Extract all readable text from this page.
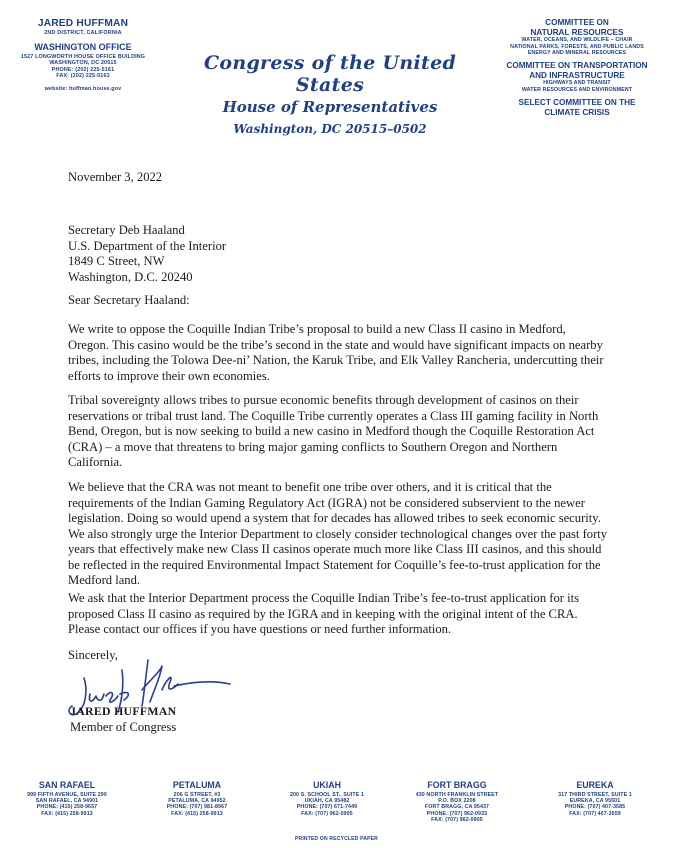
JARED HUFFMAN
2ND DISTRICT, CALIFORNIA
WASHINGTON OFFICE
1527 LONGWORTH HOUSE OFFICE BUILDING
WASHINGTON, DC 20515
PHONE: (202) 225-5161
FAX: (202) 225-5163
website: huffman.house.gov
Congress of the United States
House of Representatives
Washington, DC 20515–0502
COMMITTEE ON
NATURAL RESOURCES
WATER, OCEANS, AND WILDLIFE – CHAIR
NATIONAL PARKS, FORESTS, AND PUBLIC LANDS
ENERGY AND MINERAL RESOURCES
COMMITTEE ON TRANSPORTATION
AND INFRASTRUCTURE
HIGHWAYS AND TRANSIT
WATER RESOURCES AND ENVIRONMENT
SELECT COMMITTEE ON THE
CLIMATE CRISIS
November 3, 2022
Secretary Deb Haaland
U.S. Department of the Interior
1849 C Street, NW
Washington, D.C. 20240
Sear Secretary Haaland:
We write to oppose the Coquille Indian Tribe’s proposal to build a new Class II casino in Medford, Oregon. This casino would be the tribe’s second in the state and would have significant impacts on nearby tribes, including the Tolowa Dee-ni’ Nation, the Karuk Tribe, and Elk Valley Rancheria, undercutting their efforts to improve their own economies.
Tribal sovereignty allows tribes to pursue economic benefits through development of casinos on their reservations or tribal trust land. The Coquille Tribe currently operates a Class III gaming facility in North Bend, Oregon, but is now seeking to build a new casino in Medford though the Coquille Restoration Act (CRA) – a move that threatens to bring major gaming conflicts to Southern Oregon and Northern California.
We believe that the CRA was not meant to benefit one tribe over others, and it is critical that the requirements of the Indian Gaming Regulatory Act (IGRA) not be considered subservient to the newer legislation. Doing so would upend a system that for decades has allowed tribes to seek economic security. We also strongly urge the Interior Department to closely consider technological changes over the past forty years that effectively make new Class II casinos operate much more like Class III casinos, and this should be reflected in the required Environmental Impact Statement for Coquille’s fee-to-trust application for the Medford land.
We ask that the Interior Department process the Coquille Indian Tribe’s fee-to-trust application for its proposed Class II casino as required by the IGRA and in keeping with the original intent of the CRA. Please contact our offices if you have questions or need further information.
Sincerely,
JARED HUFFMAN
Member of Congress
SAN RAFAEL
999 FIFTH AVENUE, SUITE 290
SAN RAFAEL, CA 94901
PHONE: (415) 258-9657
FAX: (415) 258-9913
PETALUMA
206 G STREET, #3
PETALUMA, CA 94952
PHONE: (707) 981-8967
FAX: (415) 258-9913
UKIAH
200 S. SCHOOL ST., SUITE 1
UKIAH, CA 95482
PHONE: (707) 671-7449
FAX: (707) 962-0905
FORT BRAGG
430 NORTH FRANKLIN STREET
P.O. BOX 2208
FORT BRAGG, CA 95437
PHONE: (707) 962-0933
FAX: (707) 962-0905
EUREKA
317 THIRD STREET, SUITE 1
EUREKA, CA 95501
PHONE: (707) 407-3585
FAX: (707) 407-3559
PRINTED ON RECYCLED PAPER
